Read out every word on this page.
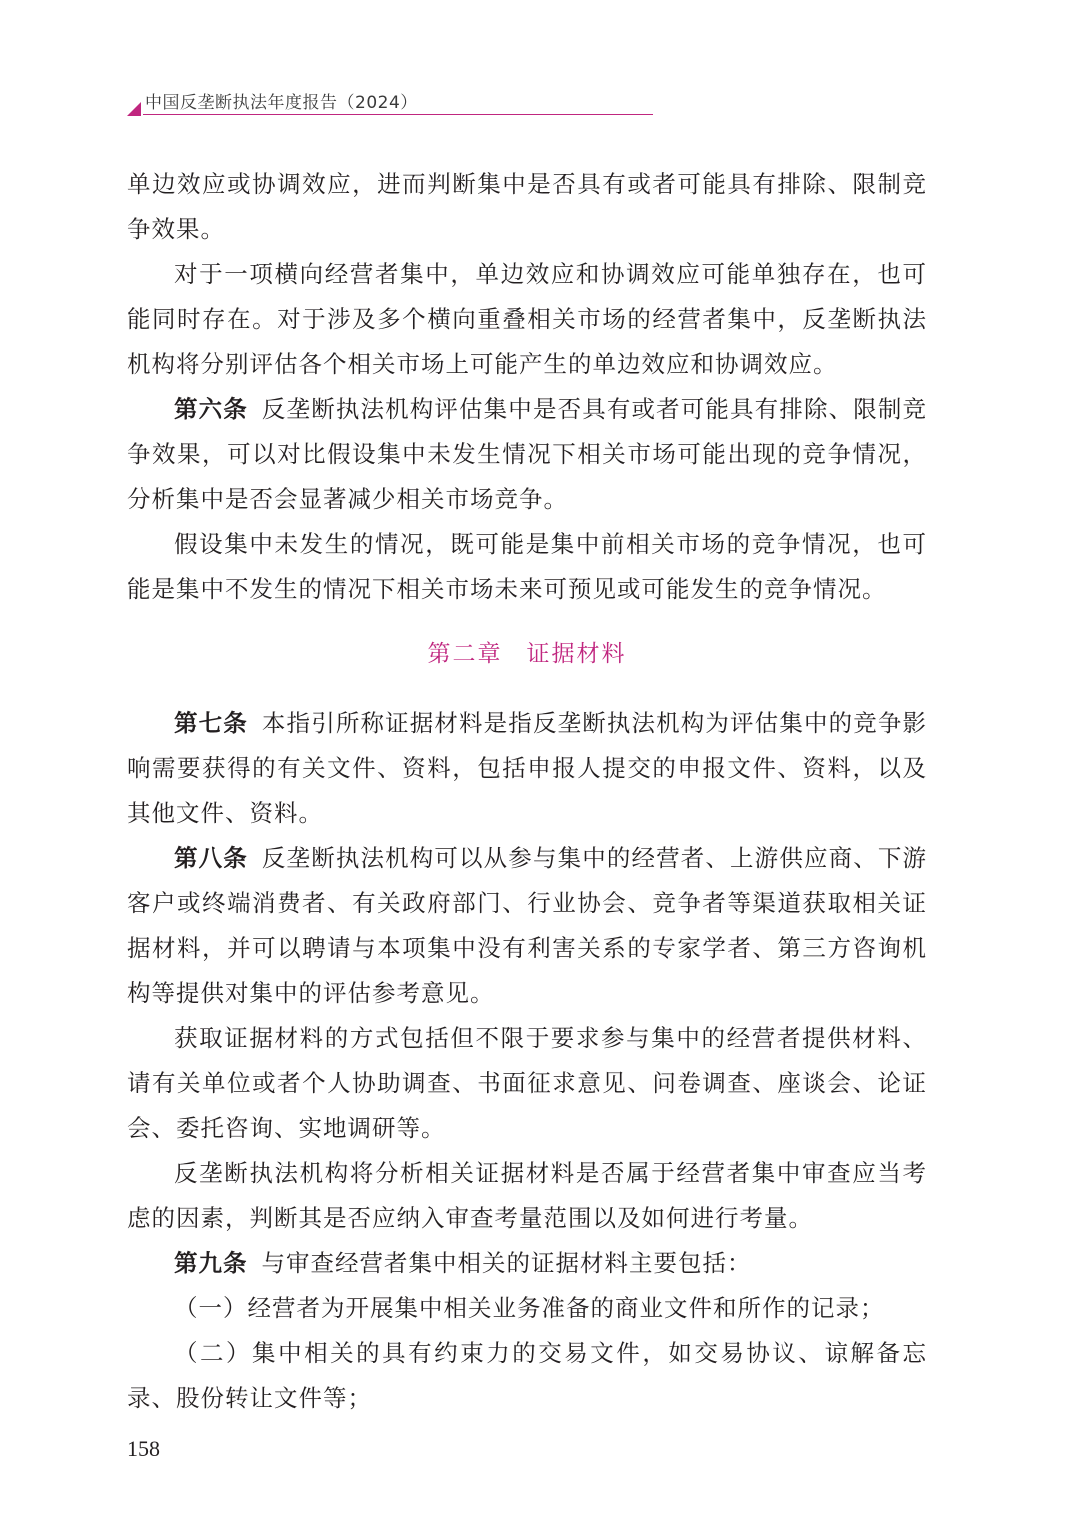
中国反垄断执法年度报告（2024）

单边效应或协调效应，进而判断集中是否具有或者可能具有排除、限制竞争效果。

对于一项横向经营者集中，单边效应和协调效应可能单独存在，也可能同时存在。对于涉及多个横向重叠相关市场的经营者集中，反垄断执法机构将分别评估各个相关市场上可能产生的单边效应和协调效应。

第六条 反垄断执法机构评估集中是否具有或者可能具有排除、限制竞争效果，可以对比假设集中未发生情况下相关市场可能出现的竞争情况，分析集中是否会显著减少相关市场竞争。

假设集中未发生的情况，既可能是集中前相关市场的竞争情况，也可能是集中不发生的情况下相关市场未来可预见或可能发生的竞争情况。

第二章 证据材料

第七条 本指引所称证据材料是指反垄断执法机构为评估集中的竞争影响需要获得的有关文件、资料，包括申报人提交的申报文件、资料，以及其他文件、资料。

第八条 反垄断执法机构可以从参与集中的经营者、上游供应商、下游客户或终端消费者、有关政府部门、行业协会、竞争者等渠道获取相关证据材料，并可以聘请与本项集中没有利害关系的专家学者、第三方咨询机构等提供对集中的评估参考意见。

获取证据材料的方式包括但不限于要求参与集中的经营者提供材料、请有关单位或者个人协助调查、书面征求意见、问卷调查、座谈会、论证会、委托咨询、实地调研等。

反垄断执法机构将分析相关证据材料是否属于经营者集中审查应当考虑的因素，判断其是否应纳入审查考量范围以及如何进行考量。

第九条 与审查经营者集中相关的证据材料主要包括：

（一）经营者为开展集中相关业务准备的商业文件和所作的记录；

（二）集中相关的具有约束力的交易文件，如交易协议、谅解备忘录、股份转让文件等；

158
